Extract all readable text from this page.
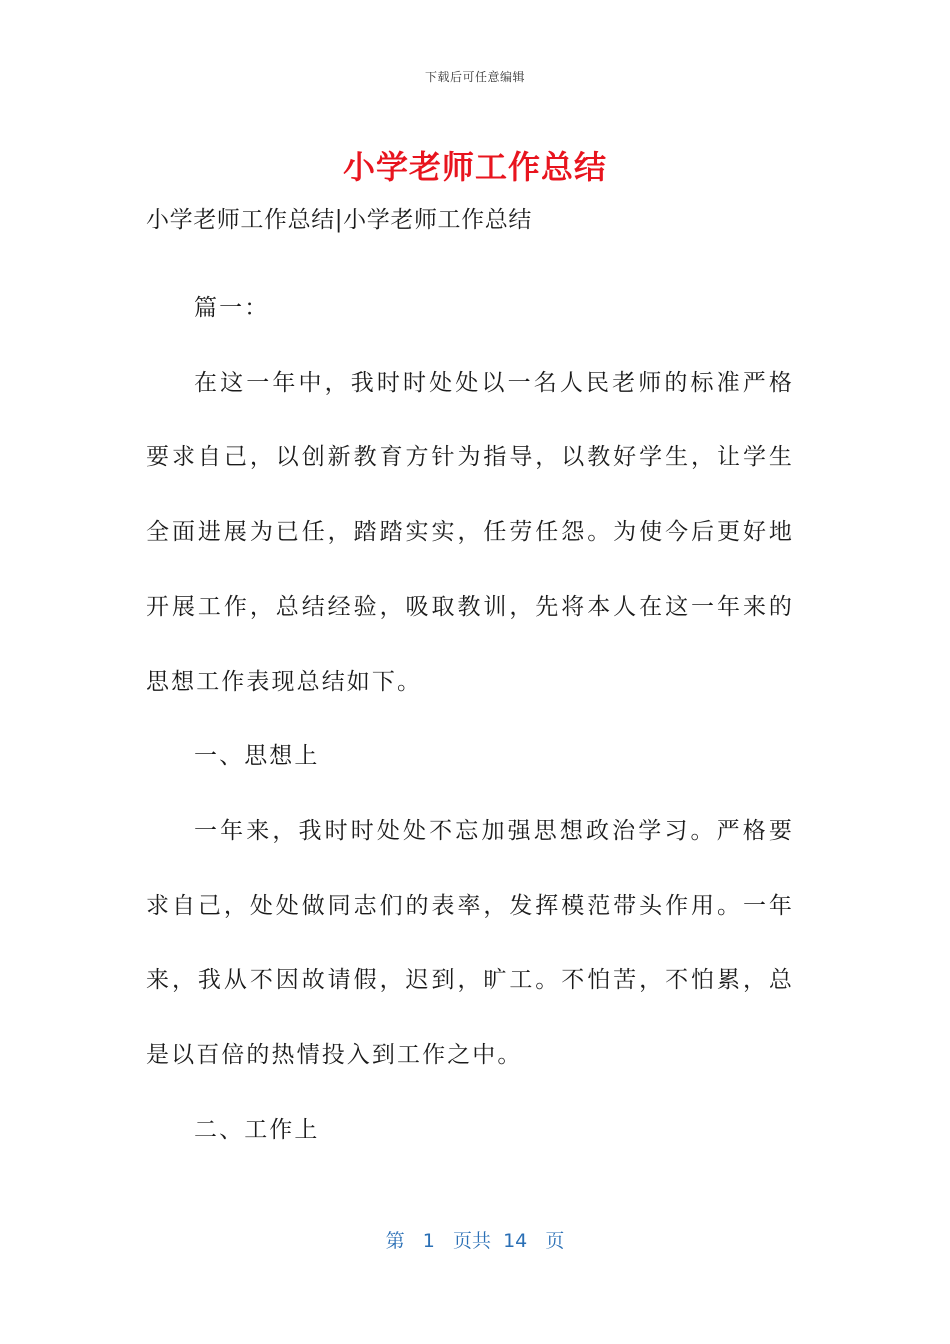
下载后可任意编辑
小学老师工作总结
小学老师工作总结|小学老师工作总结

篇一：

在这一年中，我时时处处以一名人民老师的标准严格要求自己，以创新教育方针为指导，以教好学生，让学生全面进展为已任，踏踏实实，任劳任怨。为使今后更好地开展工作，总结经验，吸取教训，先将本人在这一年来的思想工作表现总结如下。

一、思想上

一年来，我时时处处不忘加强思想政治学习。严格要求自己，处处做同志们的表率，发挥模范带头作用。一年来，我从不因故请假，迟到，旷工。不怕苦，不怕累，总是以百倍的热情投入到工作之中。

二、工作上

第 1 页共 14 页
